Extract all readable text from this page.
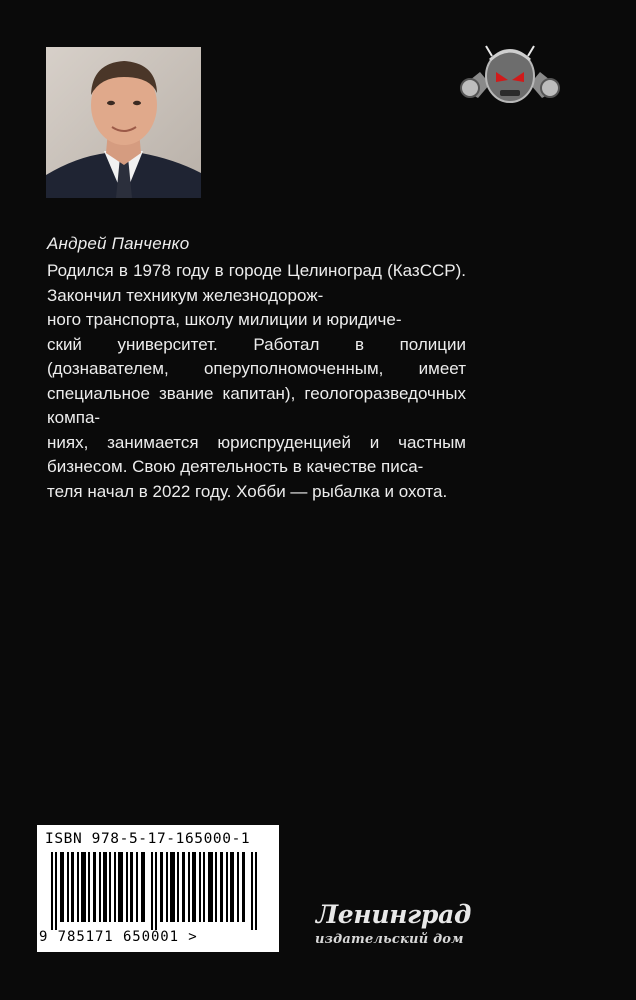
Андрей Панченко

Родился в 1978 году в городе Целиноград (КазССР). Закончил техникум железнодорож-
ного транспорта, школу милиции и юридиче-
ский университет. Работал в полиции (дознавателем, оперуполномоченным, имеет специальное звание капитан), геологоразведочных компа-
ниях, занимается юриспруденцией и частным бизнесом. Свою деятельность в качестве писа-
теля начал в 2022 году. Хобби — рыбалка и охота.

ISBN 978-5-17-165000-1
9 785171 650001 >
Ленинград
издательский дом
